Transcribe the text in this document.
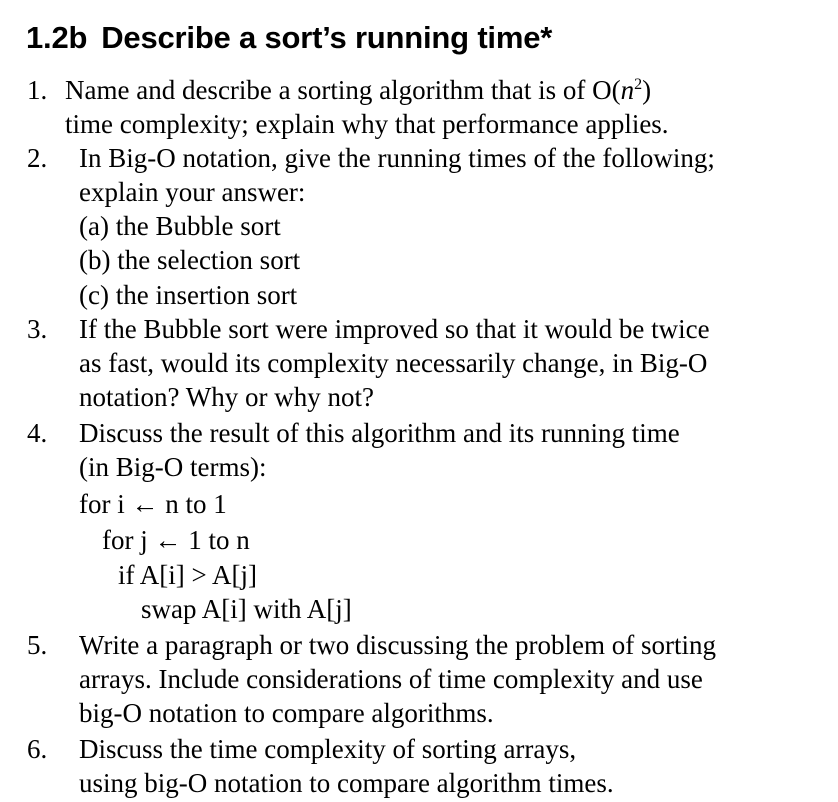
1.2b Describe a sort’s running time*
1. Name and describe a sorting algorithm that is of $O(n^2)$
time complexity; explain why that performance applies.
2. In Big-O notation, give the running times of the following;
explain your answer:
(a) the Bubble sort
(b) the selection sort
(c) the insertion sort
3. If the Bubble sort were improved so that it would be twice
as fast, would its complexity necessarily change, in Big-O
notation? Why or why not?
4. Discuss the result of this algorithm and its running time
(in Big-O terms):
for i ← n to 1
for j ← 1 to n
if A[i] > A[j]
swap A[i] with A[j]
5. Write a paragraph or two discussing the problem of sorting
arrays. Include considerations of time complexity and use
big-O notation to compare algorithms.
6. Discuss the time complexity of sorting arrays,
using big-O notation to compare algorithm times.
